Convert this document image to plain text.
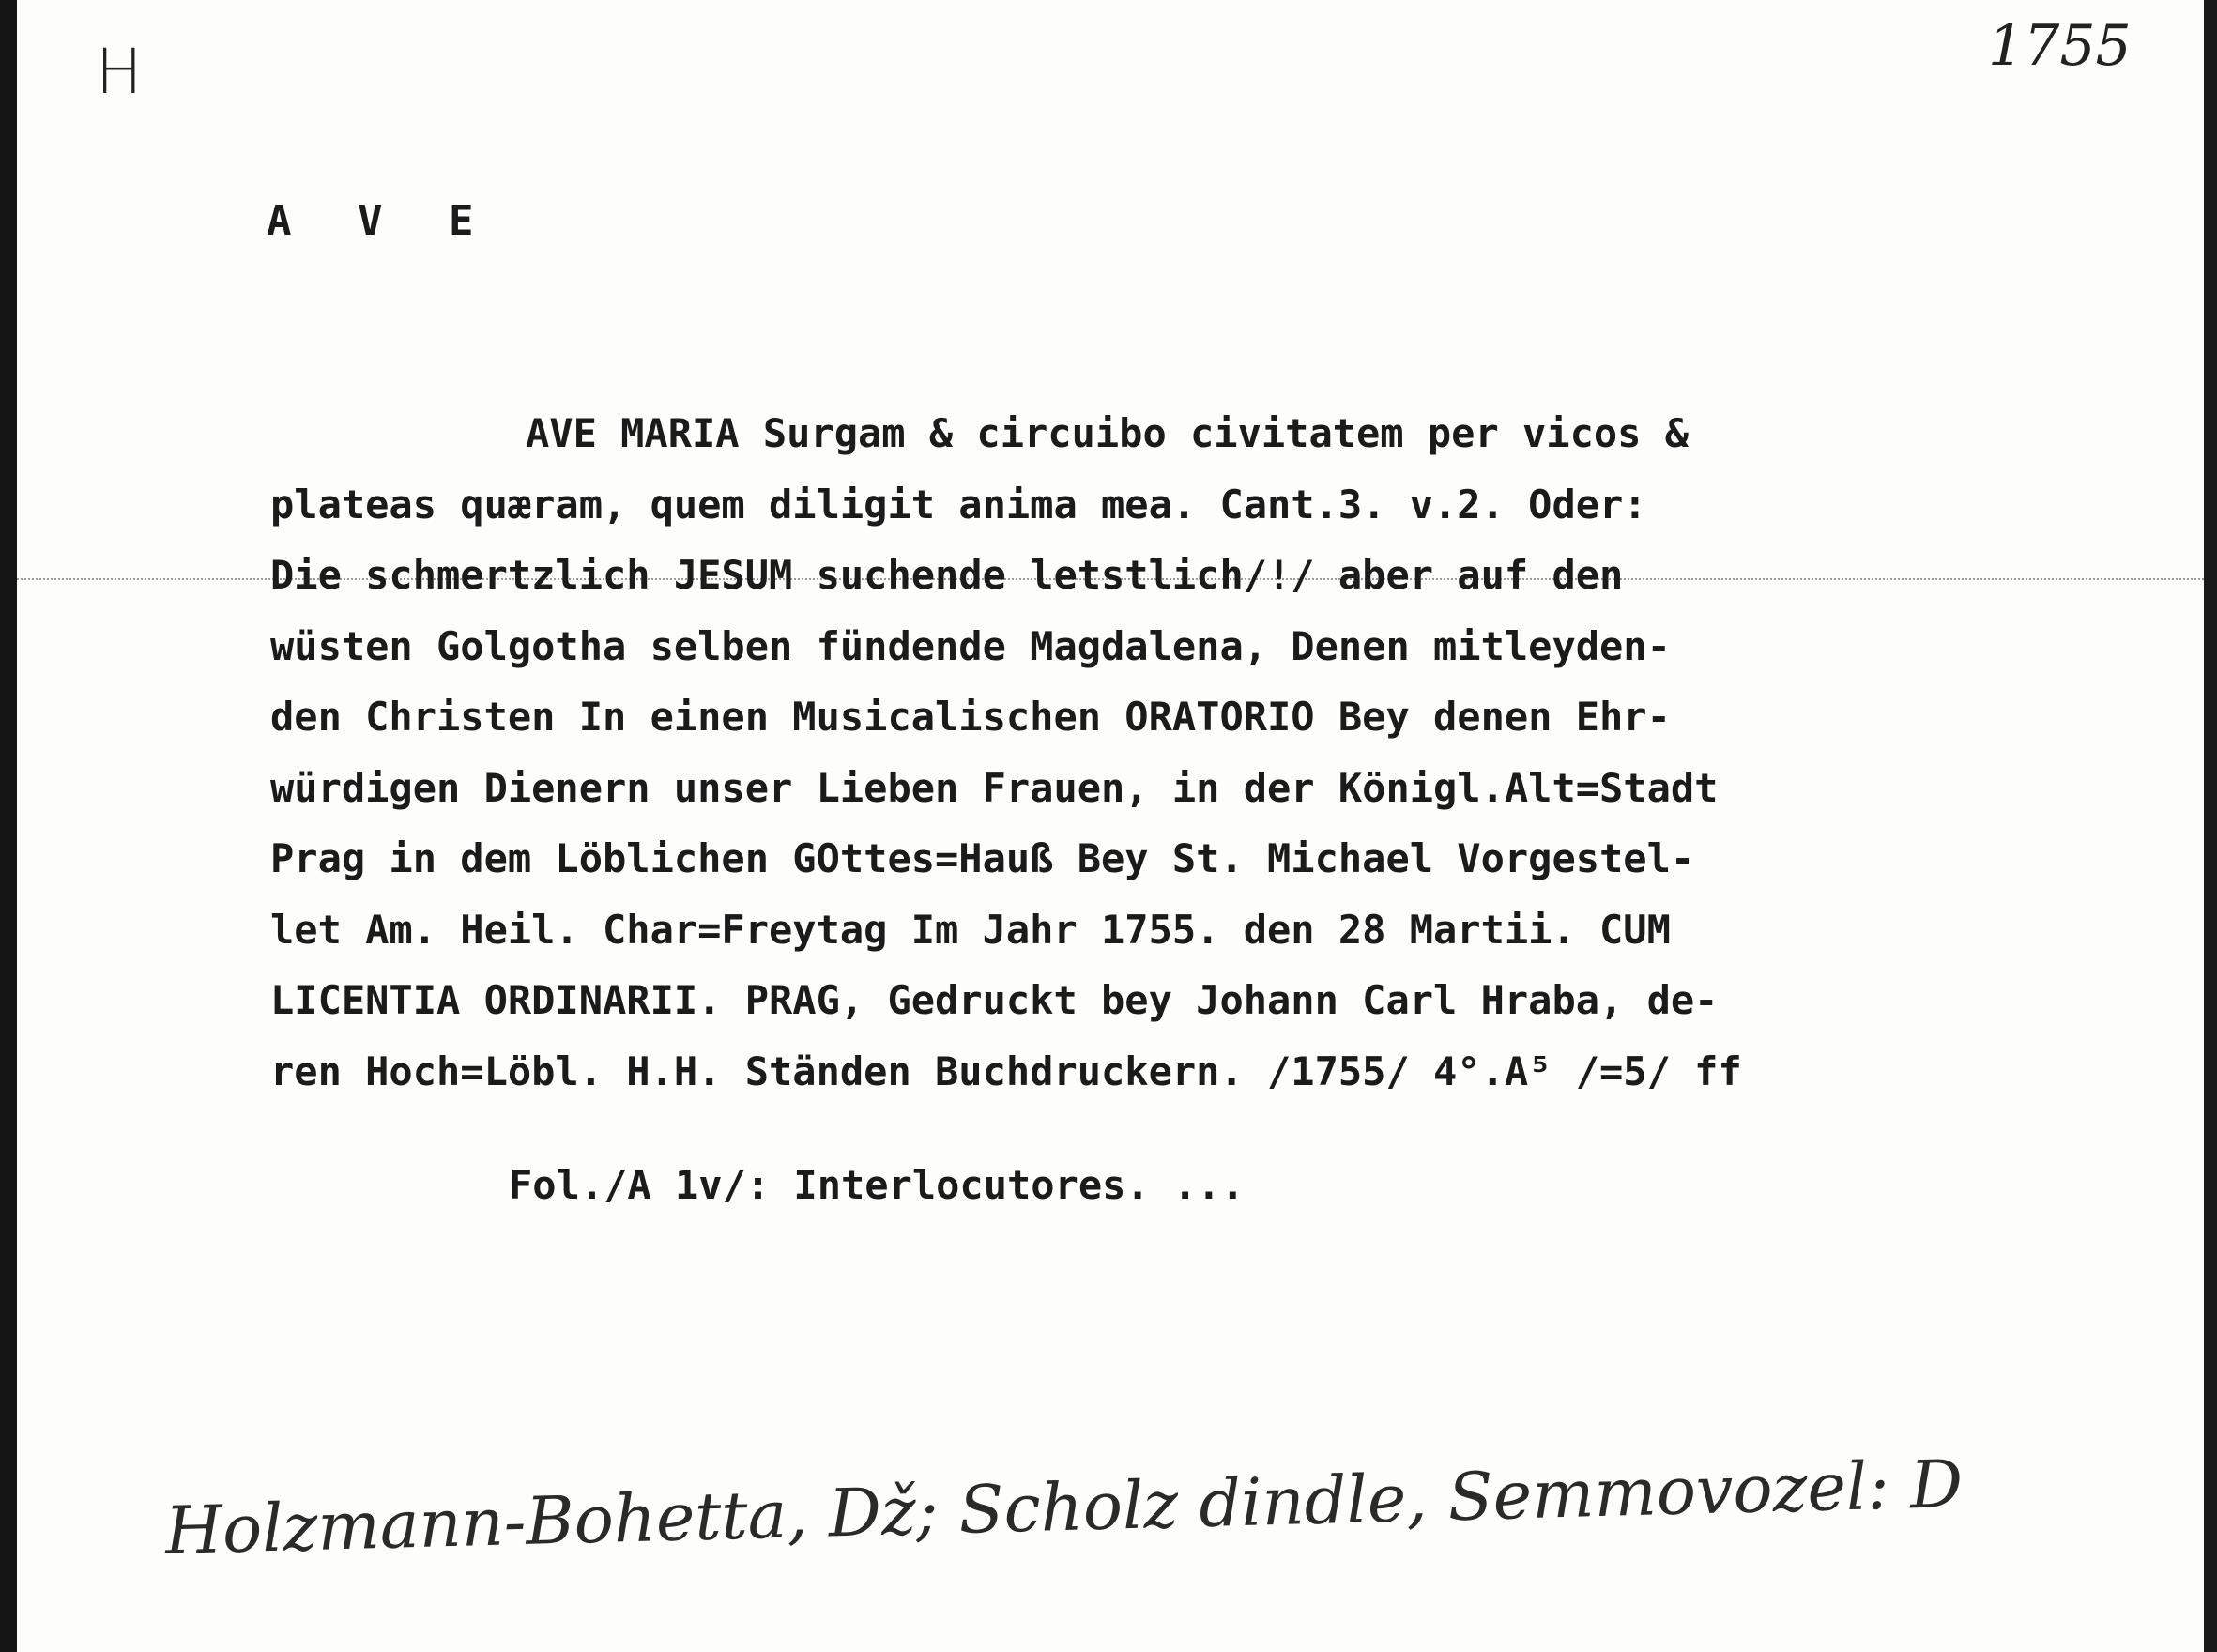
H	1755
A V E
AVE MARIA Surgam & circuibo civitatem per vicos &
plateas quæram, quem diligit anima mea. Cant.3. v.2. Oder:
Die schmertzlich JESUM suchende letstlich/!/ aber auf den
wüsten Golgotha selben fündende Magdalena, Denen mitleyden-
den Christen In einen Musicalischen ORATORIO Bey denen Ehr-
würdigen Dienern unser Lieben Frauen, in der Königl.Alt=Stadt
Prag in dem Löblichen GOttes=Hauß Bey St. Michael Vorgestel-
let Am. Heil. Char=Freytag Im Jahr 1755. den 28 Martii. CUM
LICENTIA ORDINARII. PRAG, Gedruckt bey Johann Carl Hraba, de-
ren Hoch=Löbl. H.H. Ständen Buchdruckern. /1755/ 4°.A⁵ /=5/ ff
Fol./A 1v/: Interlocutores. ...
Holzmann-Bohetta, Dž; Scholz dindle, Semmovozel: D
